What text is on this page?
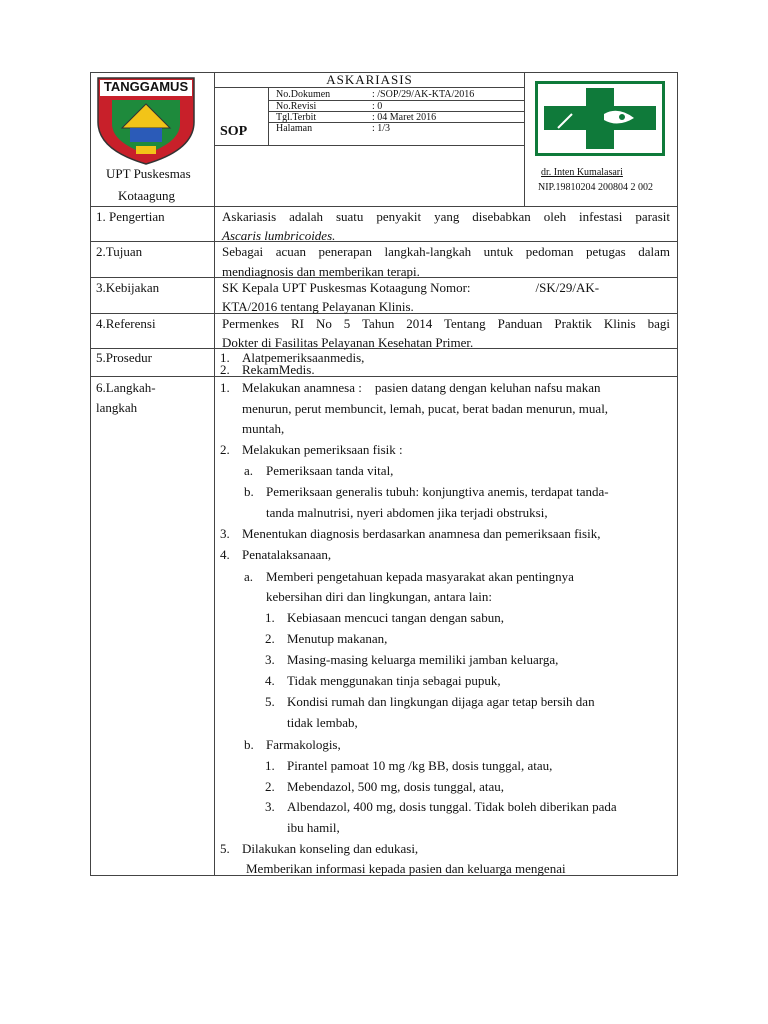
TANGGAMUS
UPT Puskesmas
Kotaagung
ASKARIASIS
SOP
No.Dokumen	: /SOP/29/AK-KTA/2016
No.Revisi	: 0
Tgl.Terbit	: 04 Maret 2016
Halaman	: 1/3
dr. Inten Kumalasari
NIP.19810204 200804 2 002
1. Pengertian	Askariasis adalah suatu penyakit yang disebabkan oleh infestasi parasit
Ascaris lumbricoides.
2.Tujuan	Sebagai acuan penerapan langkah-langkah untuk pedoman petugas dalam
mendiagnosis dan memberikan terapi.
3.Kebijakan	SK Kepala UPT Puskesmas Kotaagung Nomor:                    /SK/29/AK-
KTA/2016 tentang Pelayanan Klinis.
4.Referensi	Permenkes RI No 5 Tahun 2014 Tentang Panduan Praktik Klinis bagi
Dokter di Fasilitas Pelayanan Kesehatan Primer.
5.Prosedur	1. Alatpemeriksaanmedis,
2. RekamMedis.
6.Langkah-
langkah
1. Melakukan anamnesa :    pasien datang dengan keluhan nafsu makan
menurun, perut membuncit, lemah, pucat, berat badan menurun, mual,
muntah,
2. Melakukan pemeriksaan fisik :
a. Pemeriksaan tanda vital,
b. Pemeriksaan generalis tubuh: konjungtiva anemis, terdapat tanda-
tanda malnutrisi, nyeri abdomen jika terjadi obstruksi,
3. Menentukan diagnosis berdasarkan anamnesa dan pemeriksaan fisik,
4. Penatalaksanaan,
a. Memberi pengetahuan kepada masyarakat akan pentingnya
kebersihan diri dan lingkungan, antara lain:
1. Kebiasaan mencuci tangan dengan sabun,
2. Menutup makanan,
3. Masing-masing keluarga memiliki jamban keluarga,
4. Tidak menggunakan tinja sebagai pupuk,
5. Kondisi rumah dan lingkungan dijaga agar tetap bersih dan
tidak lembab,
b. Farmakologis,
1. Pirantel pamoat 10 mg /kg BB, dosis tunggal, atau,
2. Mebendazol, 500 mg, dosis tunggal, atau,
3. Albendazol, 400 mg, dosis tunggal. Tidak boleh diberikan pada
ibu hamil,
5. Dilakukan konseling dan edukasi,
Memberikan informasi kepada pasien dan keluarga mengenai
